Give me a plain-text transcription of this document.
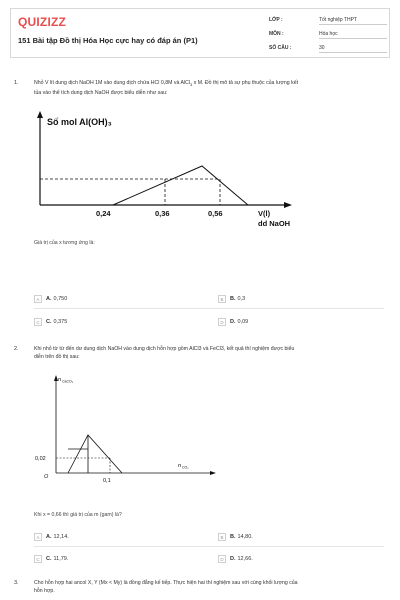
QUIZIZZ
151 Bài tập Đồ thị Hóa Học cực hay có đáp án (P1)
LỚP :	Tốt nghiệp THPT
MÔN :	Hóa học
SỐ CÂU :	30
1.	Nhỏ V lít dung dịch NaOH 1M vào dung dịch chứa HCl 0,8M và AlCl$_3$ x M. Đồ thị mô tả sự phụ thuộc của lượng kết
tủa vào thể tích dung dịch NaOH được biểu diễn như sau:
Số mol Al(OH)₃
0,24	0,36	0,56	V(l)
dd NaOH
Giá trị của x tương ứng là:
A	A. 0,750	B	B. 0,3
C	C. 0,375	D	D. 0,09
2.	Khi nhỏ từ từ đến dư dung dịch NaOH vào dung dịch hỗn hợp gồm AlCl3 và FeCl3, kết quả thí nghiệm được biểu
diễn trên đồ thị sau:
n CaCO₃
0,02
O
0,1
n CO₂
Khi x = 0,66 thì giá trị của m (gam) là?
A	A. 12,14.	B	B. 14,80.
C	C. 11,79.	D	D. 12,66.
3.	Cho hỗn hợp hai ancol X, Y (Mx < My) là đồng đẳng kế tiếp. Thực hiện hai thí nghiệm sau với cùng khối lượng của
hỗn hợp.
